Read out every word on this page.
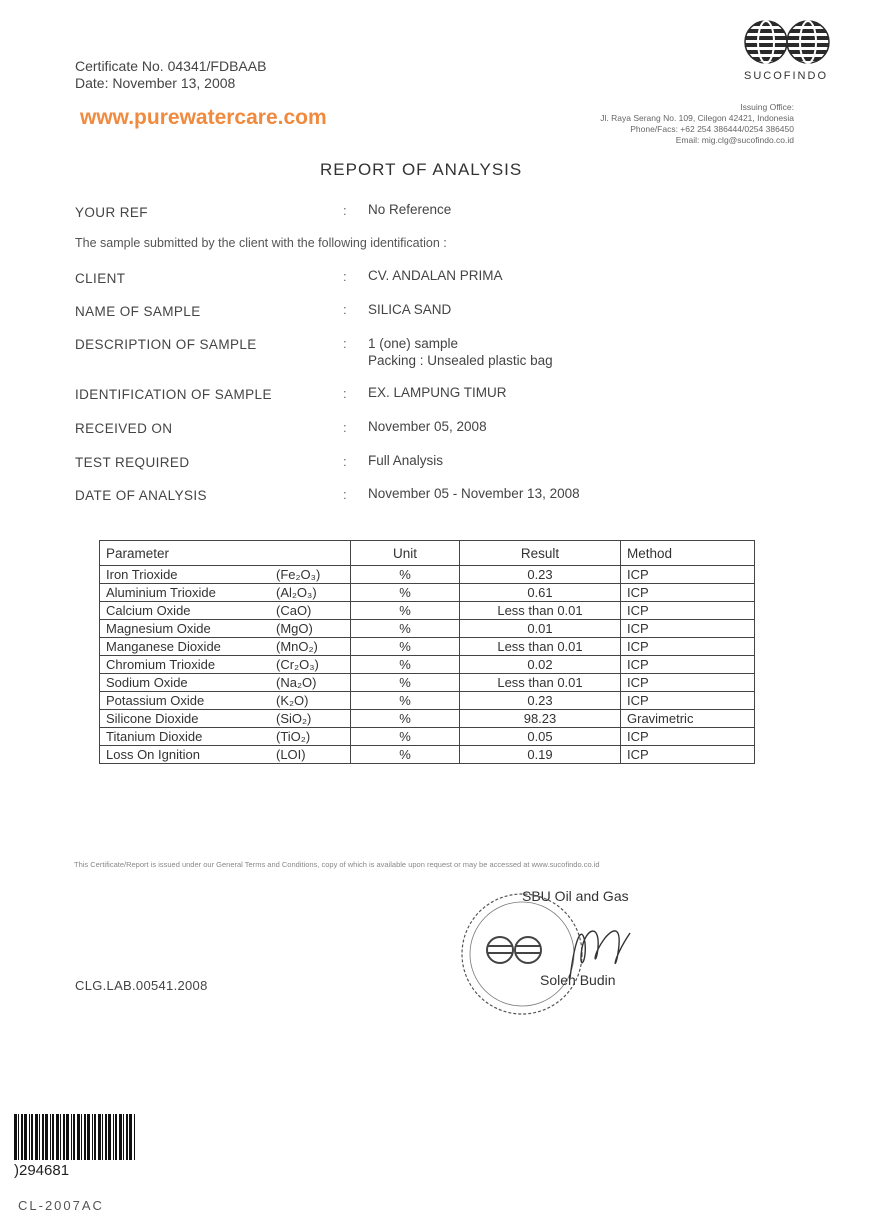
Certificate No. 04341/FDBAAB
Date: November 13, 2008
www.purewatercare.com
SUCOFINDO
Issuing Office:
Jl. Raya Serang No. 109, Cilegon 42421, Indonesia
Phone/Facs: +62 254 386444/0254 386450
Email: mig.clg@sucofindo.co.id
REPORT OF ANALYSIS
YOUR REF	: No Reference
The sample submitted by the client with the following identification :
CLIENT	: CV. ANDALAN PRIMA
NAME OF SAMPLE	: SILICA SAND
DESCRIPTION OF SAMPLE	: 1 (one) sample
Packing : Unsealed plastic bag
IDENTIFICATION OF SAMPLE	: EX. LAMPUNG TIMUR
RECEIVED ON	: November 05, 2008
TEST REQUIRED	: Full Analysis
DATE OF ANALYSIS	: November 05 - November 13, 2008
Parameter	Unit	Result	Method
Iron Trioxide (Fe₂O₃)	%	0.23	ICP
Aluminium Trioxide (Al₂O₃)	%	0.61	ICP
Calcium Oxide (CaO)	%	Less than 0.01	ICP
Magnesium Oxide (MgO)	%	0.01	ICP
Manganese Dioxide (MnO₂)	%	Less than 0.01	ICP
Chromium Trioxide (Cr₂O₃)	%	0.02	ICP
Sodium Oxide (Na₂O)	%	Less than 0.01	ICP
Potassium Oxide (K₂O)	%	0.23	ICP
Silicone Dioxide (SiO₂)	%	98.23	Gravimetric
Titanium Dioxide (TiO₂)	%	0.05	ICP
Loss On Ignition (LOI)	%	0.19	ICP
This Certificate/Report is issued under our General Terms and Conditions, copy of which is available upon request or may be accessed at www.sucofindo.co.id
SBU Oil and Gas
Soleh Budin
CLG.LAB.00541.2008
)294681
CL-2007AC
